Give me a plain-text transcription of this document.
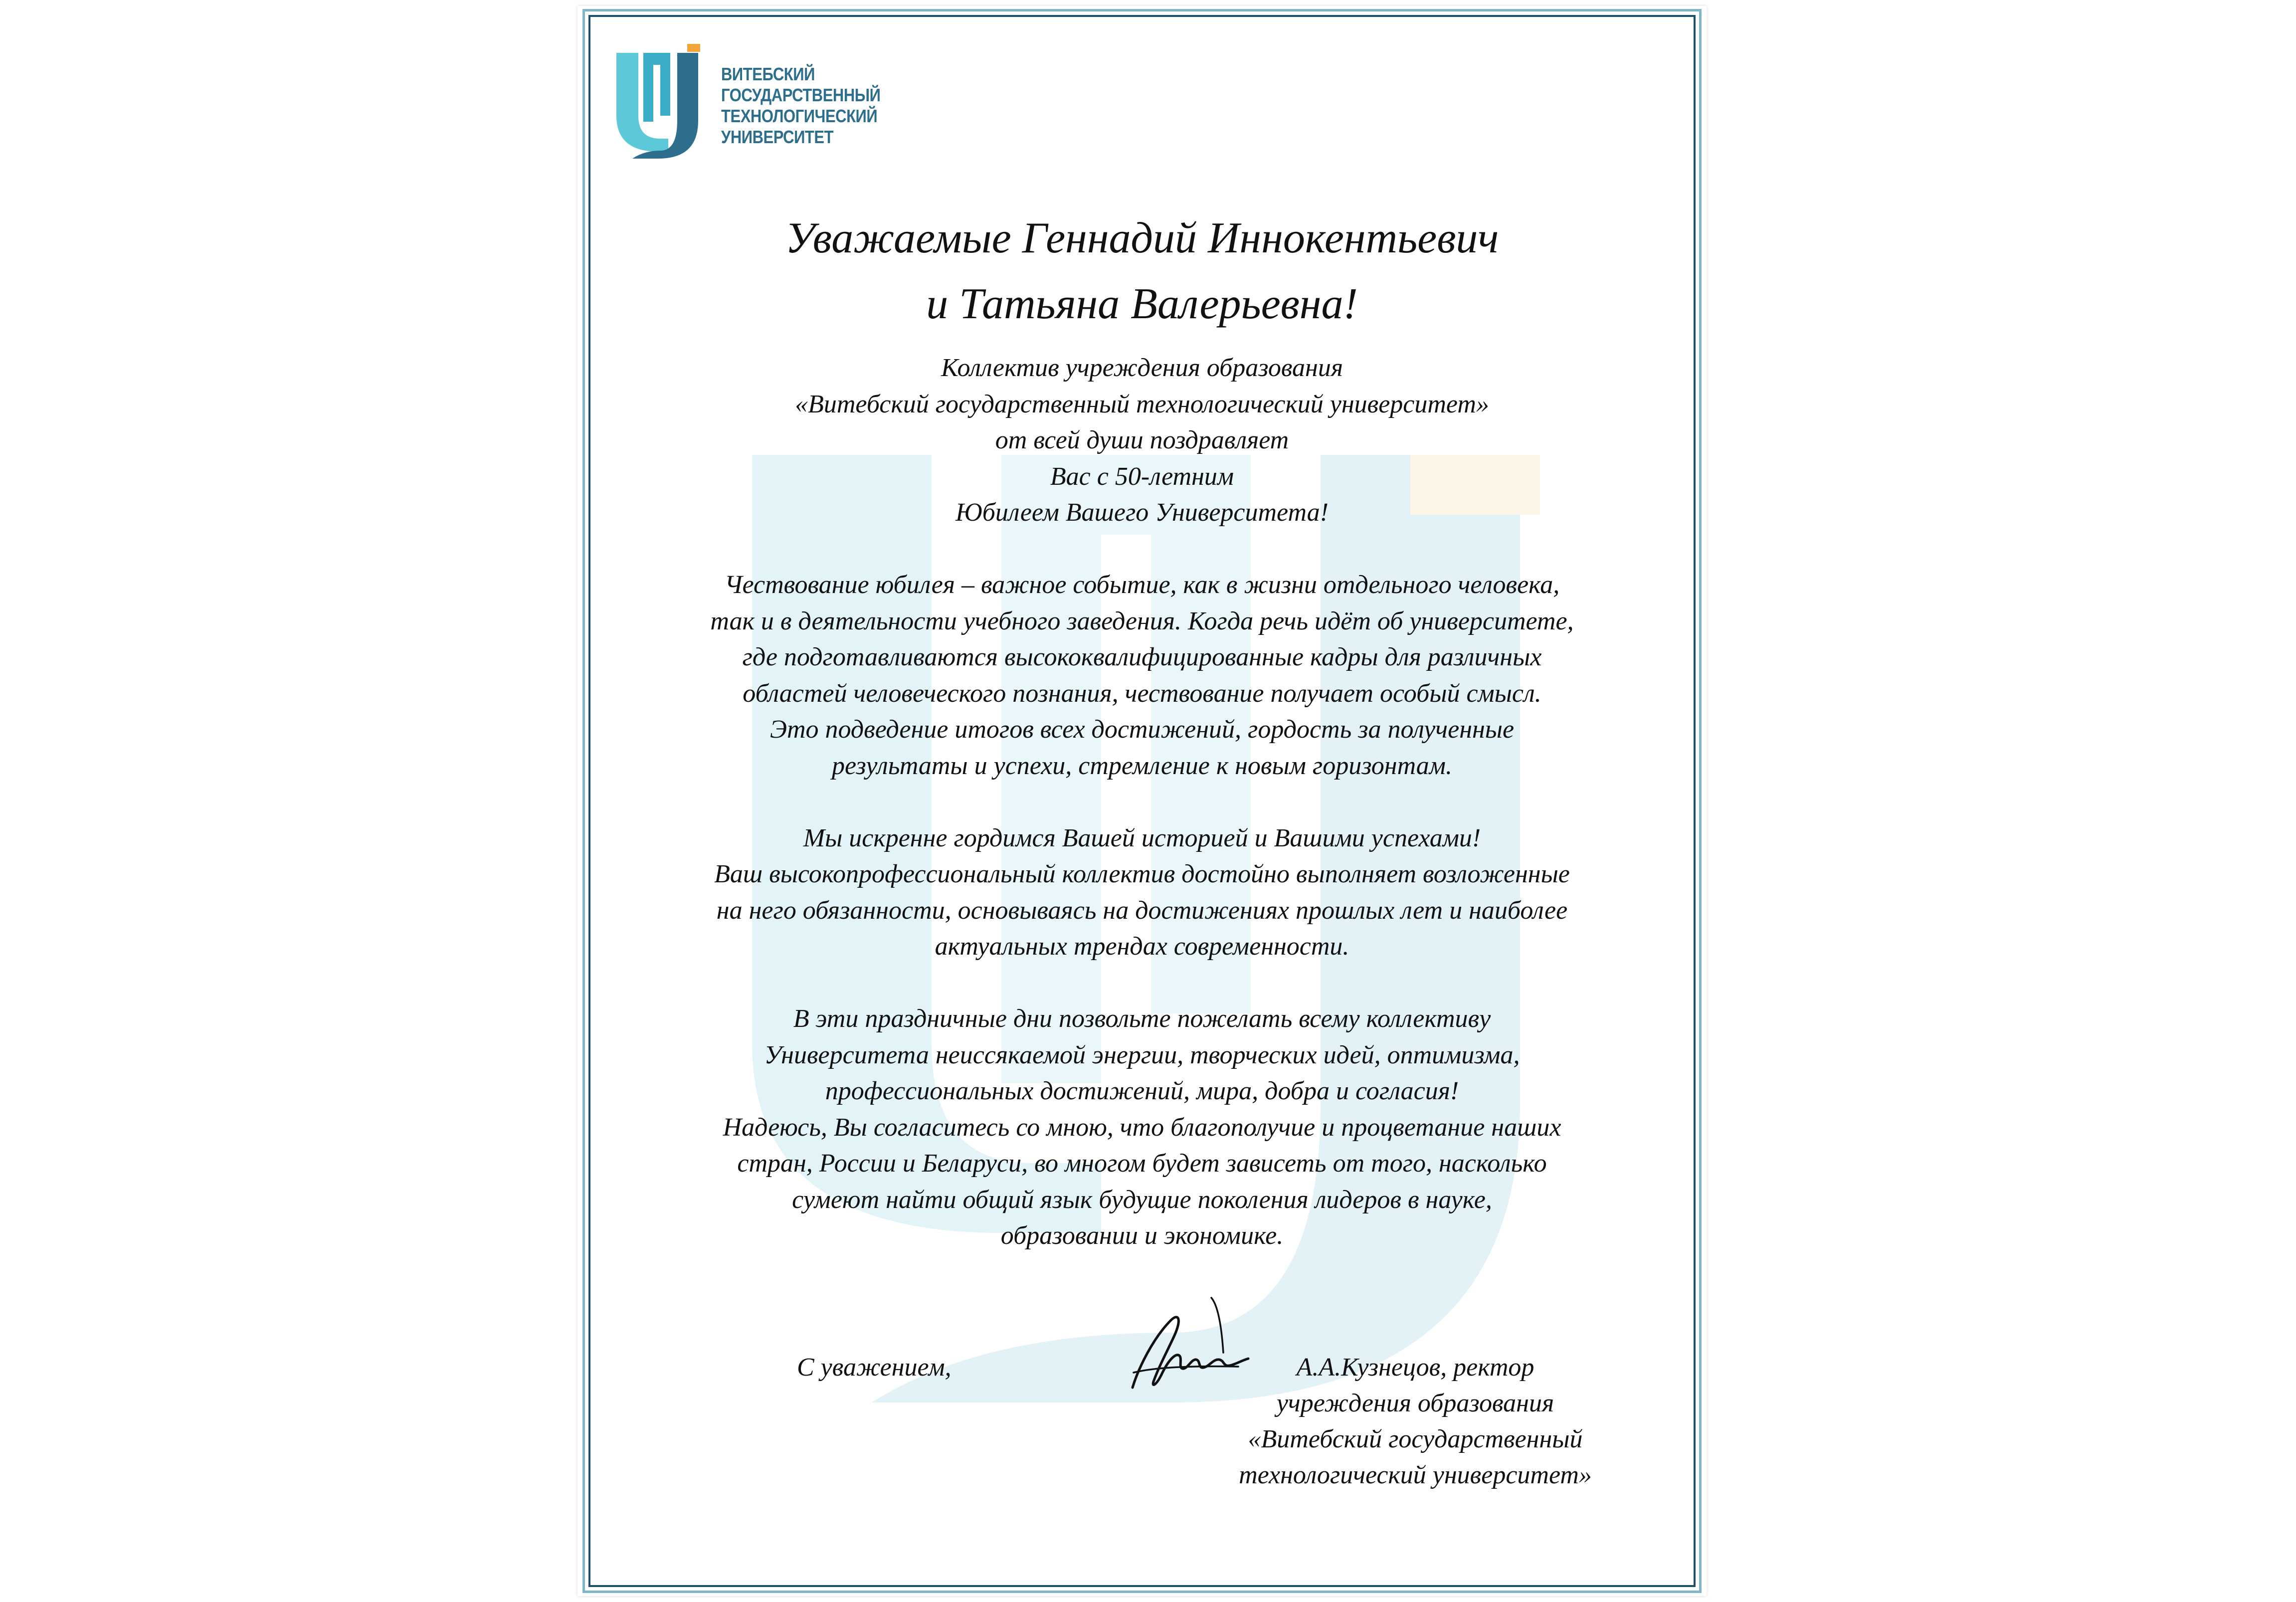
ВИТЕБСКИЙ
ГОСУДАРСТВЕННЫЙ
ТЕХНОЛОГИЧЕСКИЙ
УНИВЕРСИТЕТ
Уважаемые Геннадий Иннокентьевич
и Татьяна Валерьевна!

Коллектив учреждения образования
«Витебский государственный технологический университет»
от всей души поздравляет
Вас с 50-летним
Юбилеем Вашего Университета!

Чествование юбилея – важное событие, как в жизни отдельного человека,
так и в деятельности учебного заведения. Когда речь идёт об университете,
где подготавливаются высококвалифицированные кадры для различных
областей человеческого познания, чествование получает особый смысл.
Это подведение итогов всех достижений, гордость за полученные
результаты и успехи, стремление к новым горизонтам.

Мы искренне гордимся Вашей историей и Вашими успехами!
Ваш высокопрофессиональный коллектив достойно выполняет возложенные
на него обязанности, основываясь на достижениях прошлых лет и наиболее
актуальных трендах современности.

В эти праздничные дни позвольте пожелать всему коллективу
Университета неиссякаемой энергии, творческих идей, оптимизма,
профессиональных достижений, мира, добра и согласия!
Надеюсь, Вы согласитесь со мною, что благополучие и процветание наших
стран, России и Беларуси, во многом будет зависеть от того, насколько
сумеют найти общий язык будущие поколения лидеров в науке,
образовании и экономике.

С уважением,	А.А.Кузнецов, ректор
учреждения образования
«Витебский государственный
технологический университет»
